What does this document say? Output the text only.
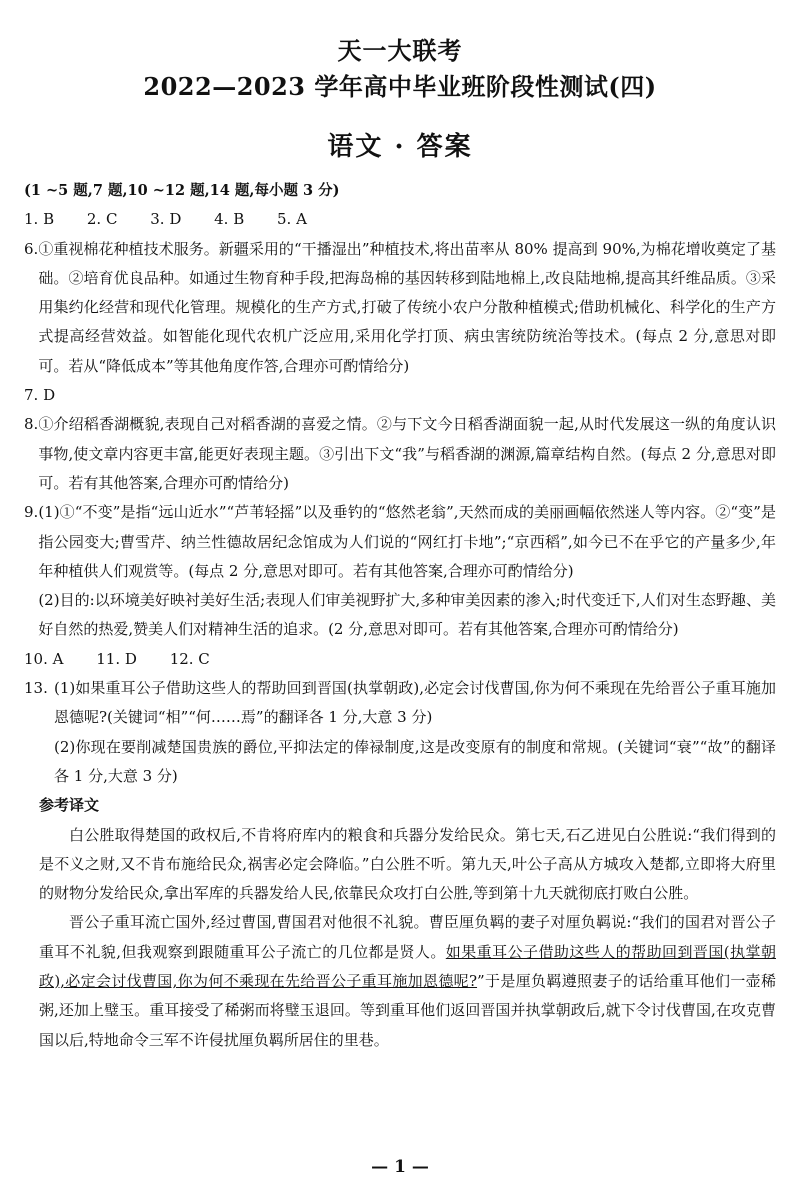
天一大联考
2022—2023 学年高中毕业班阶段性测试(四)
语文 · 答案
(1 ~5 题,7 题,10 ~12 题,14 题,每小题 3 分)
1. B 2. C 3. D 4. B 5. A
6. ①重视棉花种植技术服务。新疆采用的“干播湿出”种植技术,将出苗率从 80% 提高到 90%,为棉花增收奠定了基础。②培育优良品种。如通过生物育种手段,把海岛棉的基因转移到陆地棉上,改良陆地棉,提高其纤维品质。③采用集约化经营和现代化管理。规模化的生产方式,打破了传统小农户分散种植模式;借助机械化、科学化的生产方式提高经营效益。如智能化现代农机广泛应用,采用化学打顶、病虫害统防统治等技术。(每点 2 分,意思对即可。若从“降低成本”等其他角度作答,合理亦可酌情给分)
7. D
8. ①介绍稻香湖概貌,表现自己对稻香湖的喜爱之情。②与下文今日稻香湖面貌一起,从时代发展这一纵的角度认识事物,使文章内容更丰富,能更好表现主题。③引出下文“我”与稻香湖的渊源,篇章结构自然。(每点 2 分,意思对即可。若有其他答案,合理亦可酌情给分)
9. (1)①“不变”是指“远山近水”“芦苇轻摇”以及垂钓的“悠然老翁”,天然而成的美丽画幅依然迷人等内容。②“变”是指公园变大;曹雪芹、纳兰性德故居纪念馆成为人们说的“网红打卡地”;“京西稻”,如今已不在乎它的产量多少,年年种植供人们观赏等。(每点 2 分,意思对即可。若有其他答案,合理亦可酌情给分)
(2)目的:以环境美好映衬美好生活;表现人们审美视野扩大,多种审美因素的渗入;时代变迁下,人们对生态野趣、美好自然的热爱,赞美人们对精神生活的追求。(2 分,意思对即可。若有其他答案,合理亦可酌情给分)
10. A 11. D 12. C
13. (1)如果重耳公子借助这些人的帮助回到晋国(执掌朝政),必定会讨伐曹国,你为何不乘现在先给晋公子重耳施加恩德呢?(关键词“相”“何……焉”的翻译各 1 分,大意 3 分)
(2)你现在要削减楚国贵族的爵位,平抑法定的俸禄制度,这是改变原有的制度和常规。(关键词“衰”“故”的翻译各 1 分,大意 3 分)
参考译文
白公胜取得楚国的政权后,不肯将府库内的粮食和兵器分发给民众。第七天,石乙进见白公胜说:“我们得到的是不义之财,又不肯布施给民众,祸害必定会降临。”白公胜不听。第九天,叶公子高从方城攻入楚都,立即将大府里的财物分发给民众,拿出军库的兵器发给人民,依靠民众攻打白公胜,等到第十九天就彻底打败白公胜。
晋公子重耳流亡国外,经过曹国,曹国君对他很不礼貌。曹臣厘负羁的妻子对厘负羁说:“我们的国君对晋公子重耳不礼貌,但我观察到跟随重耳公子流亡的几位都是贤人。如果重耳公子借助这些人的帮助回到晋国(执掌朝政),必定会讨伐曹国,你为何不乘现在先给晋公子重耳施加恩德呢?”于是厘负羁遵照妻子的话给重耳他们一壶稀粥,还加上璧玉。重耳接受了稀粥而将璧玉退回。等到重耳他们返回晋国并执掌朝政后,就下令讨伐曹国,在攻克曹国以后,特地命令三军不许侵扰厘负羁所居住的里巷。
— 1 —
